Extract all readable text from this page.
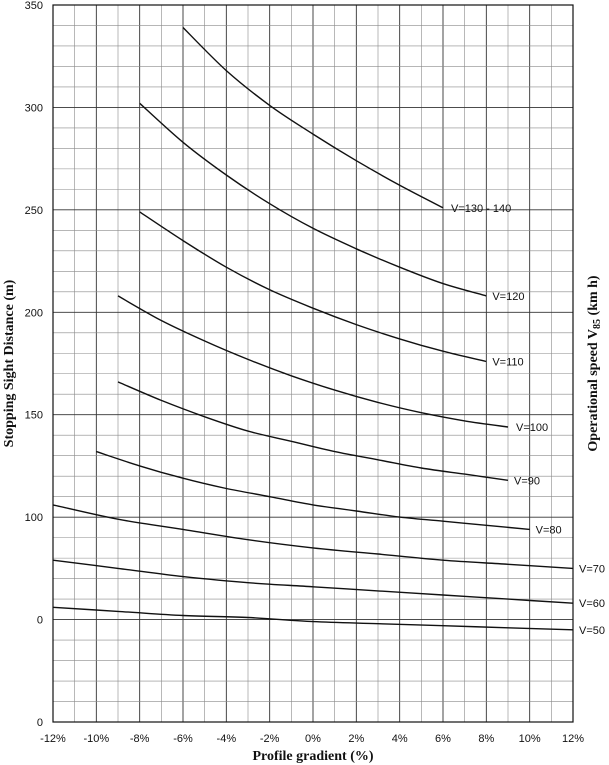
V=130 - 140
V=120
V=110
V=100
V=90
V=80
V=70
V=60
V=50
-12% -10% -8% -6% -4% -2% 0% 2% 4% 6% 8% 10% 12%
0
0
100
150
200
250
300
350
Profile gradient (%)
Stopping Sight Distance (m)	Operational speed $V_{85}$ (km h)
